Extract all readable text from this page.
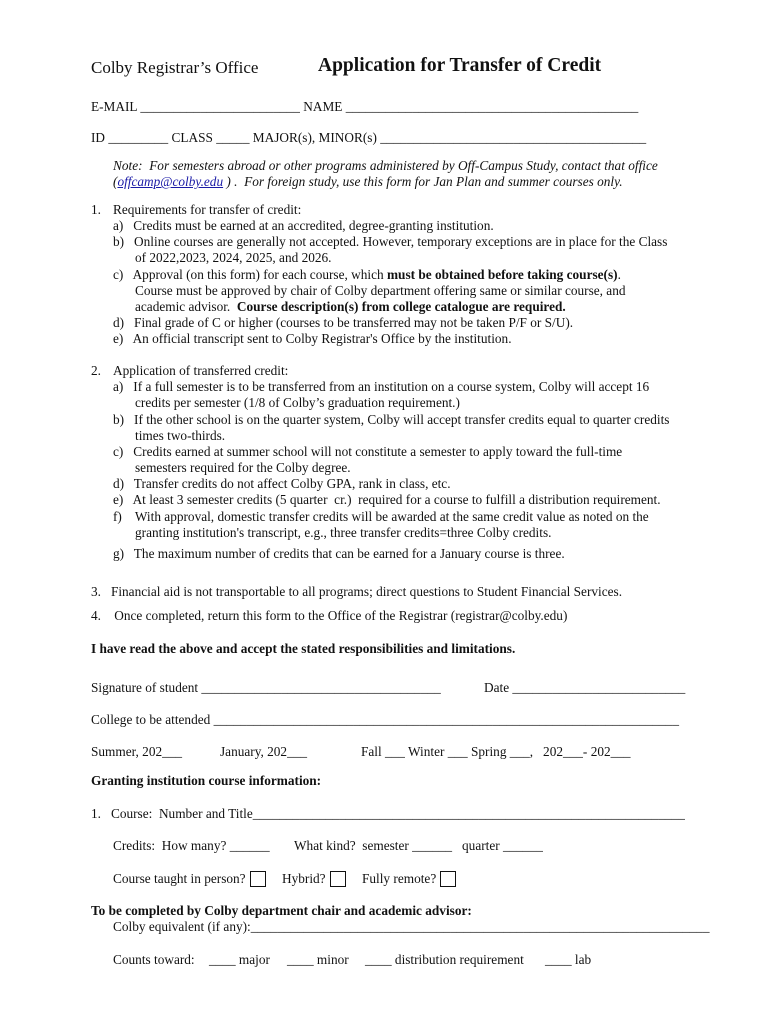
Colby Registrar’s Office	Application for Transfer of Credit
E-MAIL ________________________ NAME ____________________________________________
ID _________ CLASS _____ MAJOR(s), MINOR(s) ________________________________________
Note:  For semesters abroad or other programs administered by Off-Campus Study, contact that office
(offcamp@colby.edu ) .  For foreign study, use this form for Jan Plan and summer courses only.
1. Requirements for transfer of credit:
a)   Credits must be earned at an accredited, degree-granting institution.
b)   Online courses are generally not accepted. However, temporary exceptions are in place for the Class
of 2022,2023, 2024, 2025, and 2026.
c)   Approval (on this form) for each course, which must be obtained before taking course(s).
Course must be approved by chair of Colby department offering same or similar course, and
academic advisor.  Course description(s) from college catalogue are required.
d)   Final grade of C or higher (courses to be transferred may not be taken P/F or S/U).
e)   An official transcript sent to Colby Registrar's Office by the institution.
2. Application of transferred credit:
a)   If a full semester is to be transferred from an institution on a course system, Colby will accept 16
credits per semester (1/8 of Colby’s graduation requirement.)
b)   If the other school is on the quarter system, Colby will accept transfer credits equal to quarter credits
times two-thirds.
c)   Credits earned at summer school will not constitute a semester to apply toward the full-time
semesters required for the Colby degree.
d)   Transfer credits do not affect Colby GPA, rank in class, etc.
e)   At least 3 semester credits (5 quarter  cr.)  required for a course to fulfill a distribution requirement.
f)    With approval, domestic transfer credits will be awarded at the same credit value as noted on the
granting institution's transcript, e.g., three transfer credits=three Colby credits.
g)   The maximum number of credits that can be earned for a January course is three.
3.   Financial aid is not transportable to all programs; direct questions to Student Financial Services.
4.    Once completed, return this form to the Office of the Registrar (registrar@colby.edu)
I have read the above and accept the stated responsibilities and limitations.
Signature of student ____________________________________	Date __________________________
College to be attended ______________________________________________________________________
Summer, 202___	January, 202___	Fall ___ Winter ___ Spring ___,   202___- 202___
Granting institution course information:
1.   Course:  Number and Title_________________________________________________________________
Credits:  How many? ______ What kind?  semester ______   quarter ______
Course taught in person?	Hybrid?	Fully remote?
To be completed by Colby department chair and academic advisor:
Colby equivalent (if any):_____________________________________________________________________
Counts toward: ____ major ____ minor ____ distribution requirement ____ lab
